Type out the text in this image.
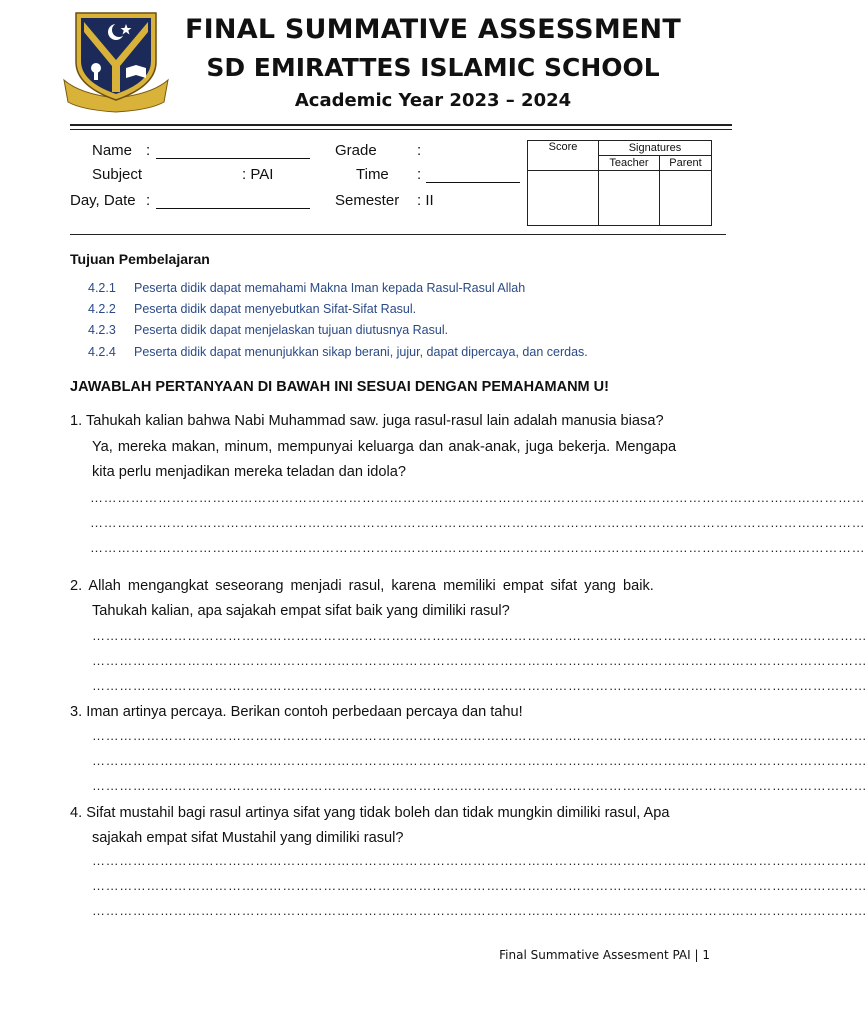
FINAL SUMMATIVE ASSESSMENT
SD EMIRATTES ISLAMIC SCHOOL
Academic Year 2023 – 2024
Name :
Subject	: PAI
Day, Date :
Grade	:
Time :
Semester : II
Score	Signatures	
	Teacher	Parent

Tujuan Pembelajaran
4.2.1 Peserta didik dapat memahami Makna Iman kepada Rasul-Rasul Allah
4.2.2 Peserta didik dapat menyebutkan Sifat-Sifat Rasul.
4.2.3 Peserta didik dapat menjelaskan tujuan diutusnya Rasul.
4.2.4 Peserta didik dapat menunjukkan sikap berani, jujur, dapat dipercaya, dan cerdas.
JAWABLAH PERTANYAAN DI BAWAH INI SESUAI DENGAN PEMAHAMANM U!
1. Tahukah kalian bahwa Nabi Muhammad saw. juga rasul-rasul lain adalah manusia biasa?
Ya, mereka makan, minum, mempunyai keluarga dan anak-anak, juga bekerja. Mengapa
kita perlu menjadikan mereka teladan dan idola?
………………………………………………………………………………………………………………………………………………………
………………………………………………………………………………………………………………………………………………………
………………………………………………………………………………………………………………………………………………………
2. Allah mengangkat seseorang menjadi rasul, karena memiliki empat sifat yang baik.
Tahukah kalian, apa sajakah empat sifat baik yang dimiliki rasul?
………………………………………………………………………………………………………………………………………………………
………………………………………………………………………………………………………………………………………………………
………………………………………………………………………………………………………………………………………………………
3. Iman artinya percaya. Berikan contoh perbedaan percaya dan tahu!
………………………………………………………………………………………………………………………………………………………
………………………………………………………………………………………………………………………………………………………
………………………………………………………………………………………………………………………………………………………
4. Sifat mustahil bagi rasul artinya sifat yang tidak boleh dan tidak mungkin dimiliki rasul, Apa
sajakah empat sifat Mustahil yang dimiliki rasul?
………………………………………………………………………………………………………………………………………………………
………………………………………………………………………………………………………………………………………………………
………………………………………………………………………………………………………………………………………………………
Final Summative Assesment PAI | 1
